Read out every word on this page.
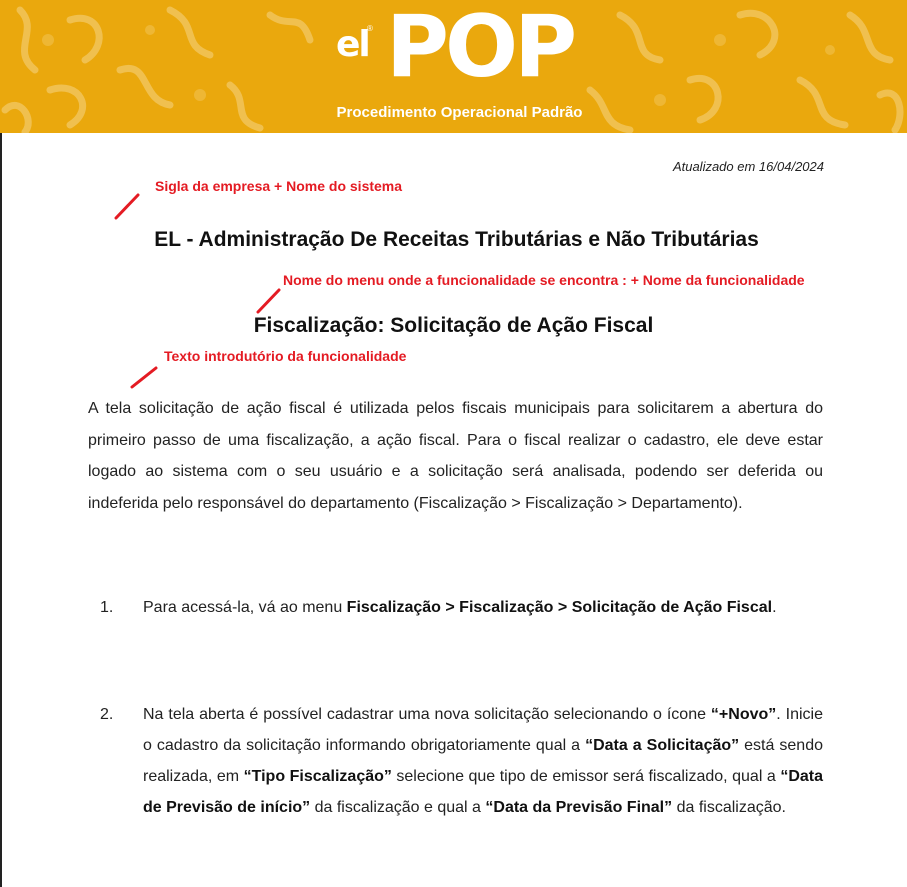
el
® POP
Procedimento Operacional Padrão
Atualizado em 16/04/2024
Sigla da empresa + Nome do sistema
EL - Administração De Receitas Tributárias e Não Tributárias
Nome do menu onde a funcionalidade se encontra : + Nome da funcionalidade
Fiscalização: Solicitação de Ação Fiscal
Texto introdutório da funcionalidade
A tela solicitação de ação fiscal é utilizada pelos fiscais municipais para solicitarem a abertura do primeiro passo de uma fiscalização, a ação fiscal. Para o fiscal realizar o cadastro, ele deve estar logado ao sistema com o seu usuário e a solicitação será analisada, podendo ser deferida ou indeferida pelo responsável do departamento (Fiscalização > Fiscalização > Departamento).
1. Para acessá-la, vá ao menu Fiscalização > Fiscalização > Solicitação de Ação Fiscal.
2. Na tela aberta é possível cadastrar uma nova solicitação selecionando o ícone “+Novo”. Inicie o cadastro da solicitação informando obrigatoriamente qual a “Data a Solicitação” está sendo realizada, em “Tipo Fiscalização” selecione que tipo de emissor será fiscalizado, qual a “Data de Previsão de início” da fiscalização e qual a “Data da Previsão Final” da fiscalização.
